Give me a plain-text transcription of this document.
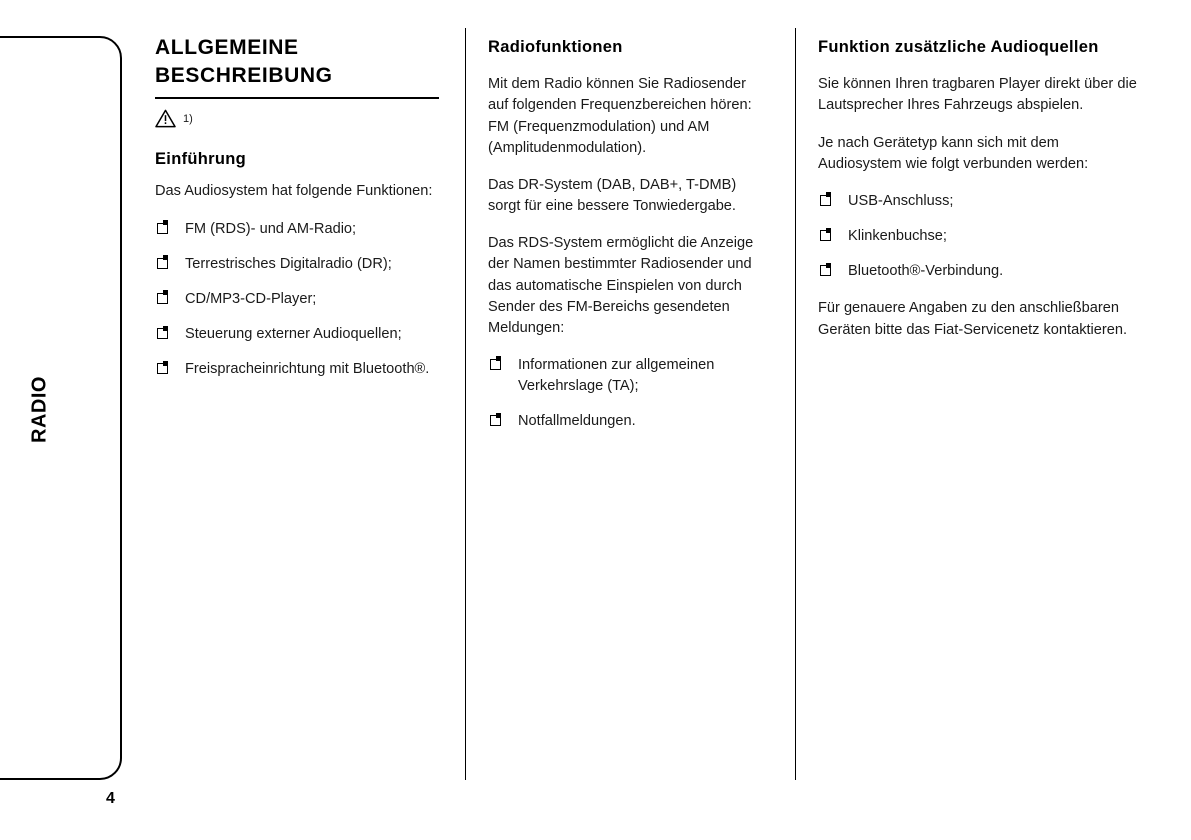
RADIO
4
ALLGEMEINE BESCHREIBUNG
1)
Einführung

Das Audiosystem hat folgende Funktionen:

FM (RDS)- und AM-Radio;
Terrestrisches Digitalradio (DR);
CD/MP3-CD-Player;
Steuerung externer Audioquellen;
Freispracheinrichtung mit Bluetooth®.
Radiofunktionen

Mit dem Radio können Sie Radiosender auf folgenden Frequenzbereichen hören: FM (Frequenzmodulation) und AM (Amplitudenmodulation).

Das DR-System (DAB, DAB+, T-DMB) sorgt für eine bessere Tonwiedergabe.

Das RDS-System ermöglicht die Anzeige der Namen bestimmter Radiosender und das automatische Einspielen von durch Sender des FM-Bereichs gesendeten Meldungen:

Informationen zur allgemeinen Verkehrslage (TA);
Notfallmeldungen.
Funktion zusätzliche Audioquellen

Sie können Ihren tragbaren Player direkt über die Lautsprecher Ihres Fahrzeugs abspielen.

Je nach Gerätetyp kann sich mit dem Audiosystem wie folgt verbunden werden:

USB-Anschluss;
Klinkenbuchse;
Bluetooth®-Verbindung.

Für genauere Angaben zu den anschließbaren Geräten bitte das Fiat-Servicenetz kontaktieren.
